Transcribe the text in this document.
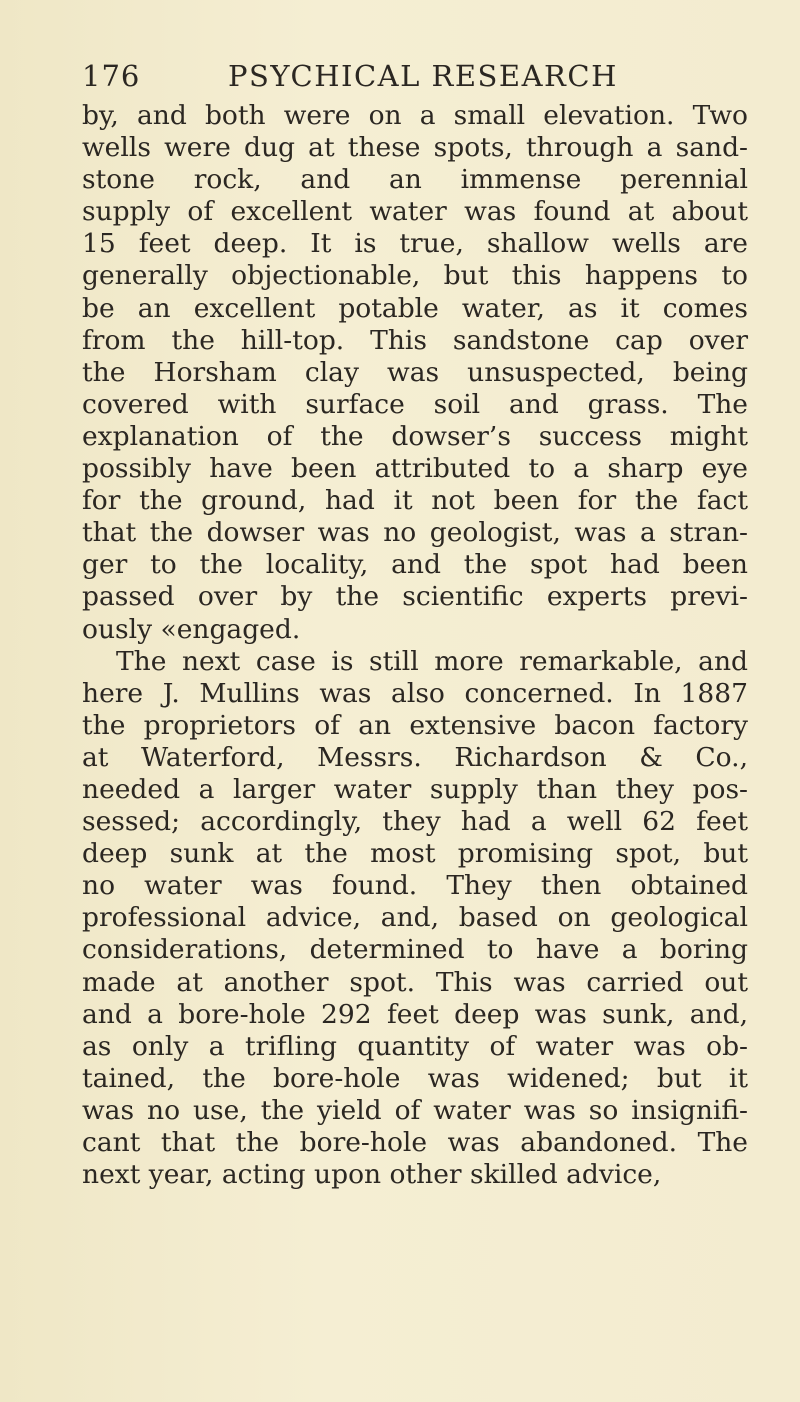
176	PSYCHICAL RESEARCH
by, and both were on a small elevation. Two
wells were dug at these spots, through a sand-
stone rock, and an immense perennial
supply of excellent water was found at about
15 feet deep. It is true, shallow wells are
generally objectionable, but this happens to
be an excellent potable water, as it comes
from the hill-top. This sandstone cap over
the Horsham clay was unsuspected, being
covered with surface soil and grass. The
explanation of the dowser’s success might
possibly have been attributed to a sharp eye
for the ground, had it not been for the fact
that the dowser was no geologist, was a stran-
ger to the locality, and the spot had been
passed over by the scientific experts previ-
ously «engaged.
The next case is still more remarkable, and
here J. Mullins was also concerned. In 1887
the proprietors of an extensive bacon factory
at Waterford, Messrs. Richardson & Co.,
needed a larger water supply than they pos-
sessed; accordingly, they had a well 62 feet
deep sunk at the most promising spot, but
no water was found. They then obtained
professional advice, and, based on geological
considerations, determined to have a boring
made at another spot. This was carried out
and a bore-hole 292 feet deep was sunk, and,
as only a trifling quantity of water was ob-
tained, the bore-hole was widened; but it
was no use, the yield of water was so insignifi-
cant that the bore-hole was abandoned. The
next year, acting upon other skilled advice,
